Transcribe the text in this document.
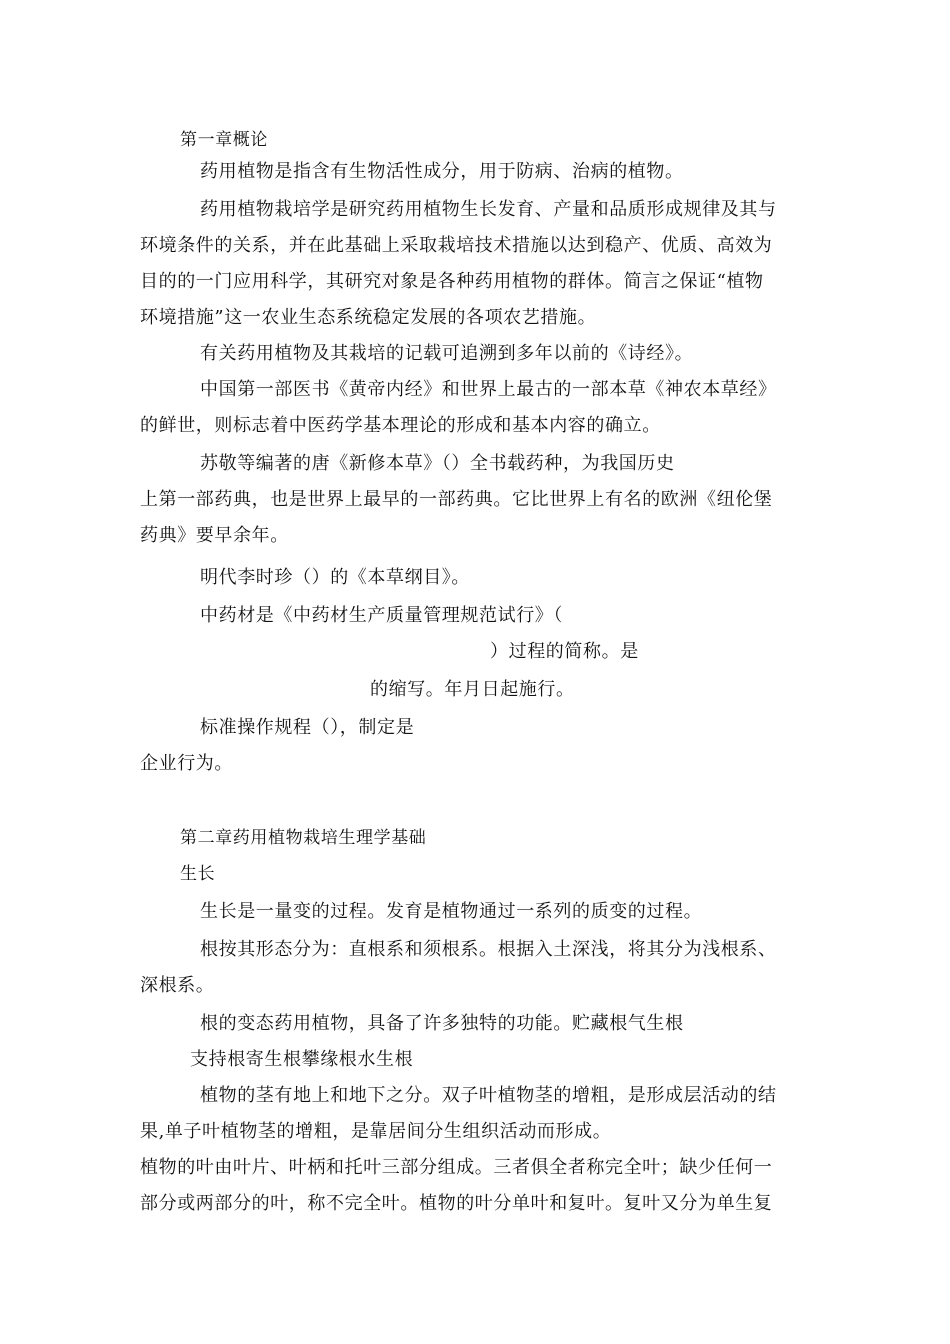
第一章概论
药用植物是指含有生物活性成分，用于防病、治病的植物。
药用植物栽培学是研究药用植物生长发育、产量和品质形成规律及其与
环境条件的关系，并在此基础上采取栽培技术措施以达到稳产、优质、高效为
目的的一门应用科学，其研究对象是各种药用植物的群体。简言之保证“植物
环境措施”这一农业生态系统稳定发展的各项农艺措施。
有关药用植物及其栽培的记载可追溯到多年以前的《诗经》。
中国第一部医书《黄帝内经》和世界上最古的一部本草《神农本草经》
的鲜世，则标志着中医药学基本理论的形成和基本内容的确立。
苏敬等编著的唐《新修本草》（）全书载药种，为我国历史
上第一部药典，也是世界上最早的一部药典。它比世界上有名的欧洲《纽伦堡
药典》要早余年。
明代李时珍（）的《本草纲目》。
中药材是《中药材生产质量管理规范试行》（
）过程的简称。是
的缩写。年月日起施行。
标准操作规程（），制定是
企业行为。
第二章药用植物栽培生理学基础
生长
生长是一量变的过程。发育是植物通过一系列的质变的过程。
根按其形态分为：直根系和须根系。根据入土深浅，将其分为浅根系、
深根系。
根的变态药用植物，具备了许多独特的功能。贮藏根气生根
支持根寄生根攀缘根水生根
植物的茎有地上和地下之分。双子叶植物茎的增粗，是形成层活动的结
果,单子叶植物茎的增粗，是靠居间分生组织活动而形成。
植物的叶由叶片、叶柄和托叶三部分组成。三者俱全者称完全叶；缺少任何一
部分或两部分的叶，称不完全叶。植物的叶分单叶和复叶。复叶又分为单生复
